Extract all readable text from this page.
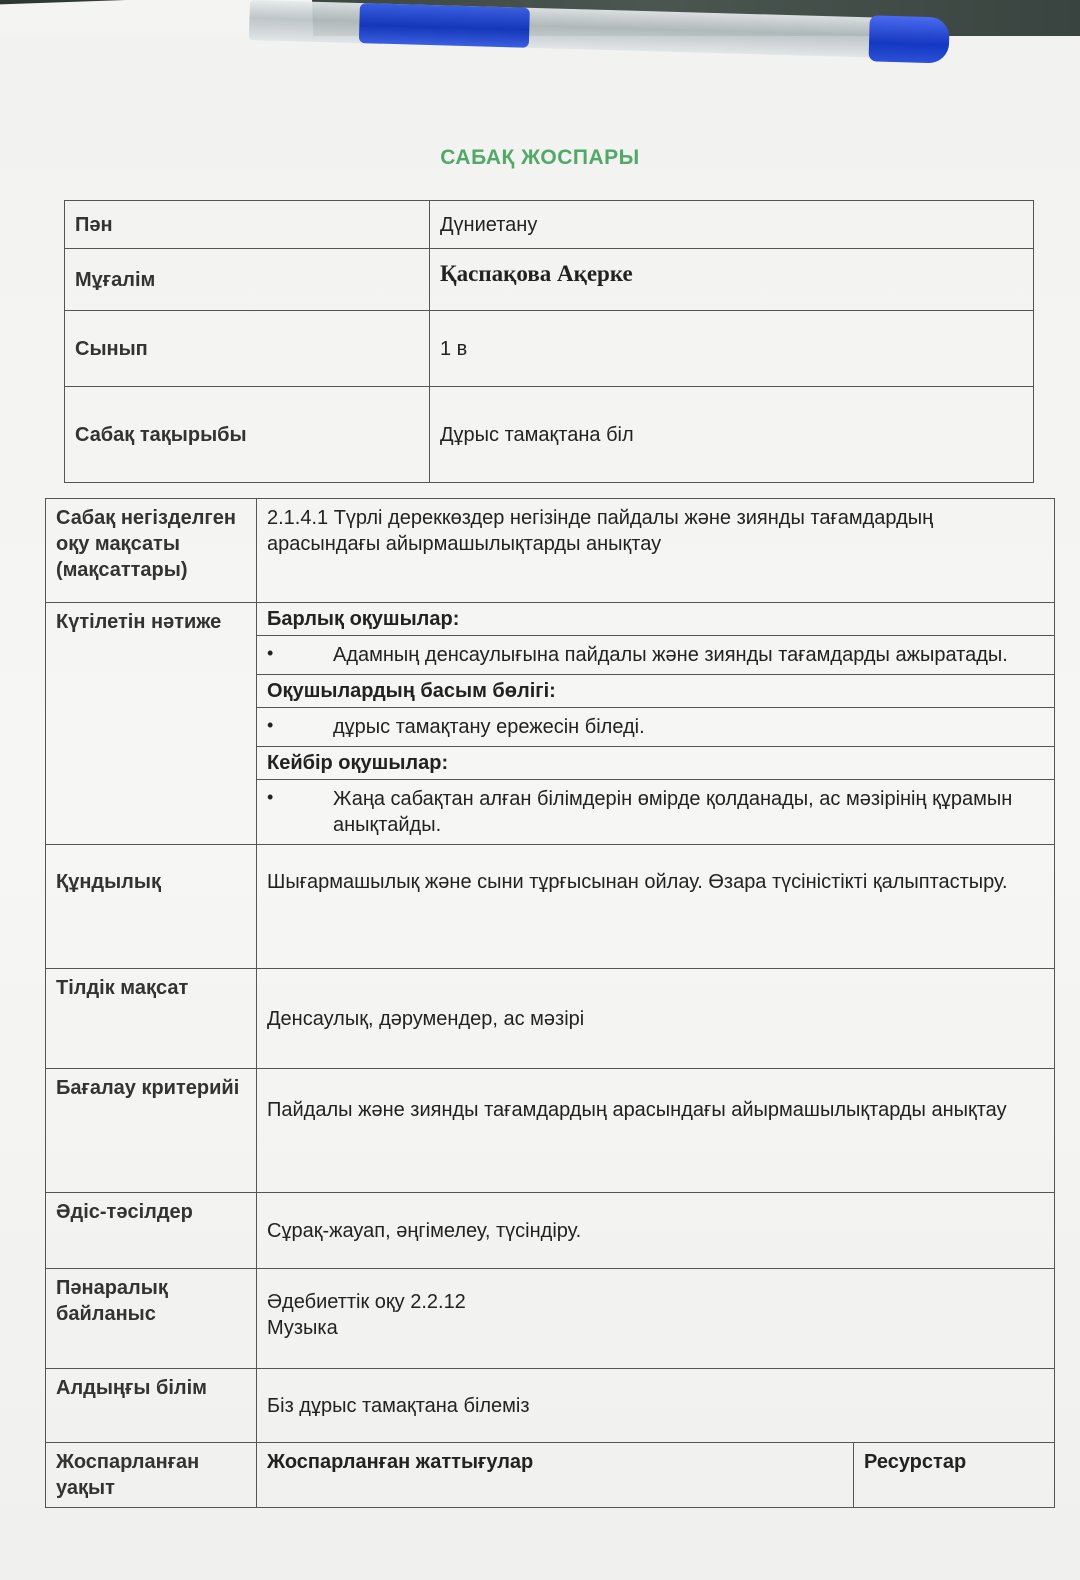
САБАҚ ЖОСПАРЫ
Пән	Дүниетану
Мұғалім	Қаспақова Ақерке
Сынып	1 в
Сабақ тақырыбы	Дұрыс тамақтана біл
Сабақ негізделген оқу мақсаты (мақсаттары)	2.1.4.1 Түрлі дереккөздер негізінде пайдалы және зиянды тағамдардың арасындағы айырмашылықтарды анықтау	
Күтілетін нәтиже	Барлық оқушылар:	

	• Адамның денсаулығына пайдалы және зиянды тағамдарды ажыратады.	

	Оқушылардың басым бөлігі:	

	• дұрыс тамақтану ережесін біледі.	

	Кейбір оқушылар:	

	• Жаңа сабақтан алған білімдерін өмірде қолданады, ас мәзірінің құрамын анықтайды.	

Құндылық	Шығармашылық және сыни тұрғысынан ойлау. Өзара түсіністікті қалыптастыру.	
Тілдік мақсат	Денсаулық, дәрумендер, ас мәзірі	
Бағалау критерийі	Пайдалы және зиянды тағамдардың арасындағы айырмашылықтарды анықтау	
Әдіс-тәсілдер	Сұрақ-жауап, әңгімелеу, түсіндіру.	
Пәнаралық байланыс	Әдебиеттік оқу 2.2.12
Музыка	

Алдыңғы білім	Біз дұрыс тамақтана білеміз	
Жоспарланған уақыт	Жоспарланған жаттығулар	Ресурстар
